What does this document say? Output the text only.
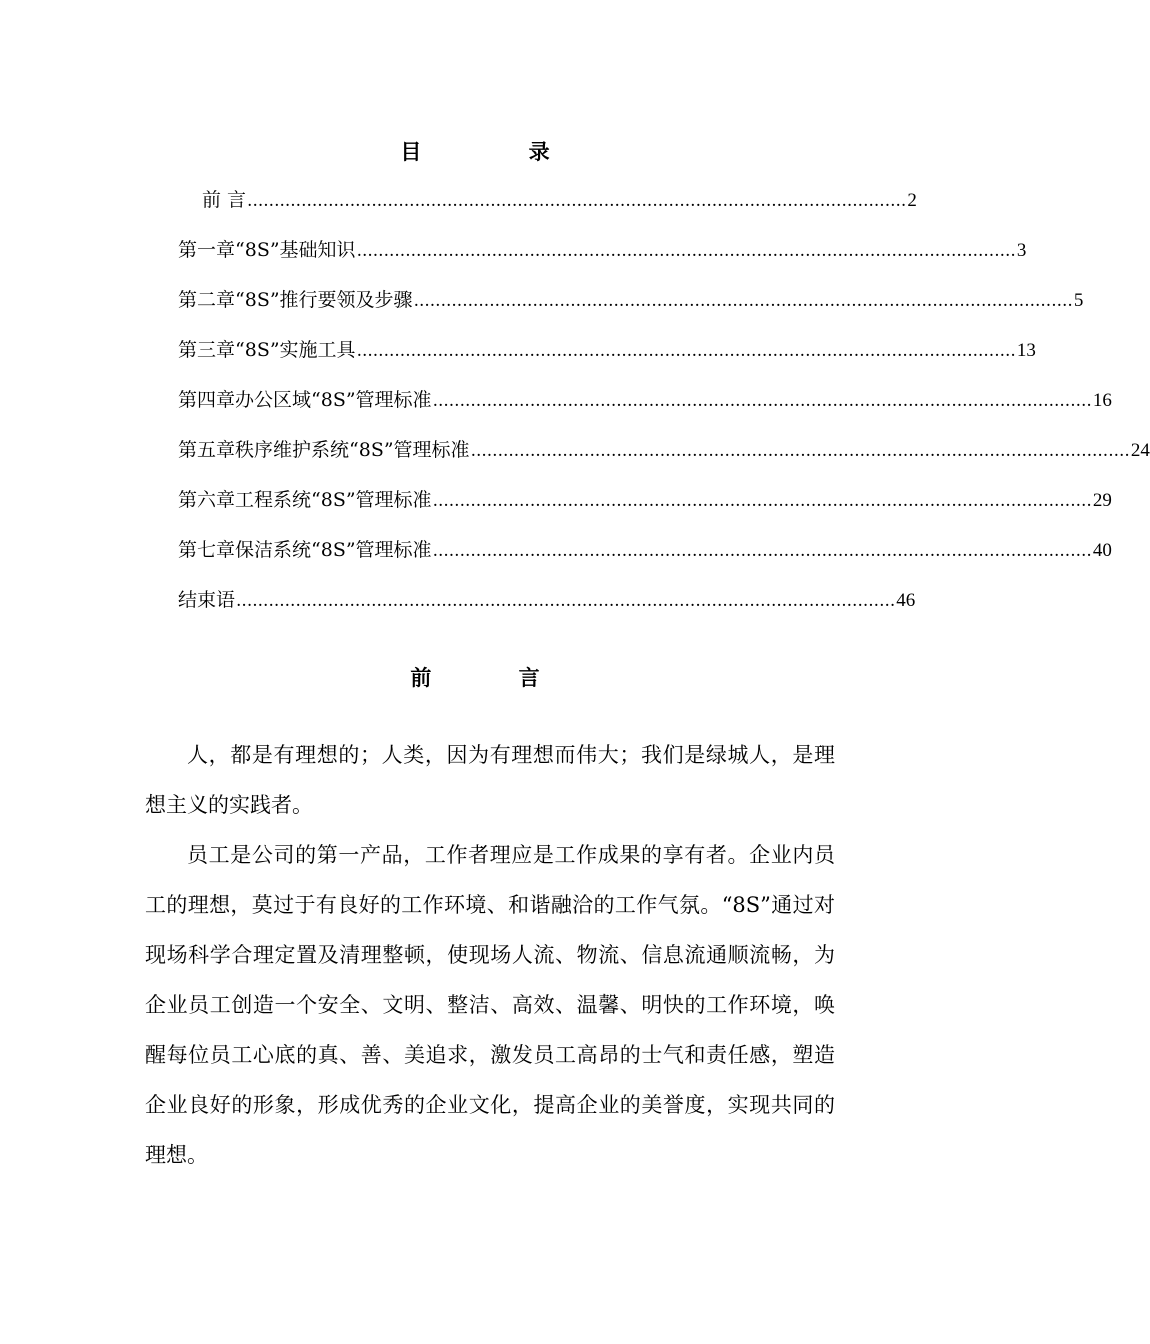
目 录
前 言 .......................................................................................................................... 2
第一章 “8S”基础知识 .......................................................................................................................... 3
第二章 “8S”推行要领及步骤 .......................................................................................................................... 5
第三章 “8S”实施工具 .......................................................................................................................... 13
第四章 办公区域“8S”管理标准 .......................................................................................................................... 16
第五章 秩序维护系统“8S”管理标准 .......................................................................................................................... 24
第六章 工程系统“8S”管理标准 .......................................................................................................................... 29
第七章 保洁系统“8S”管理标准 .......................................................................................................................... 40
结束语 .......................................................................................................................... 46
前 言

人，都是有理想的；人类，因为有理想而伟大；我们是绿城人，是理想主义的实践者。

员工是公司的第一产品，工作者理应是工作成果的享有者。企业内员工的理想，莫过于有良好的工作环境、和谐融洽的工作气氛。“8S”通过对现场科学合理定置及清理整顿，使现场人流、物流、信息流通顺流畅，为企业员工创造一个安全、文明、整洁、高效、温馨、明快的工作环境，唤醒每位员工心底的真、善、美追求，激发员工高昂的士气和责任感，塑造企业良好的形象，形成优秀的企业文化，提高企业的美誉度，实现共同的理想。
